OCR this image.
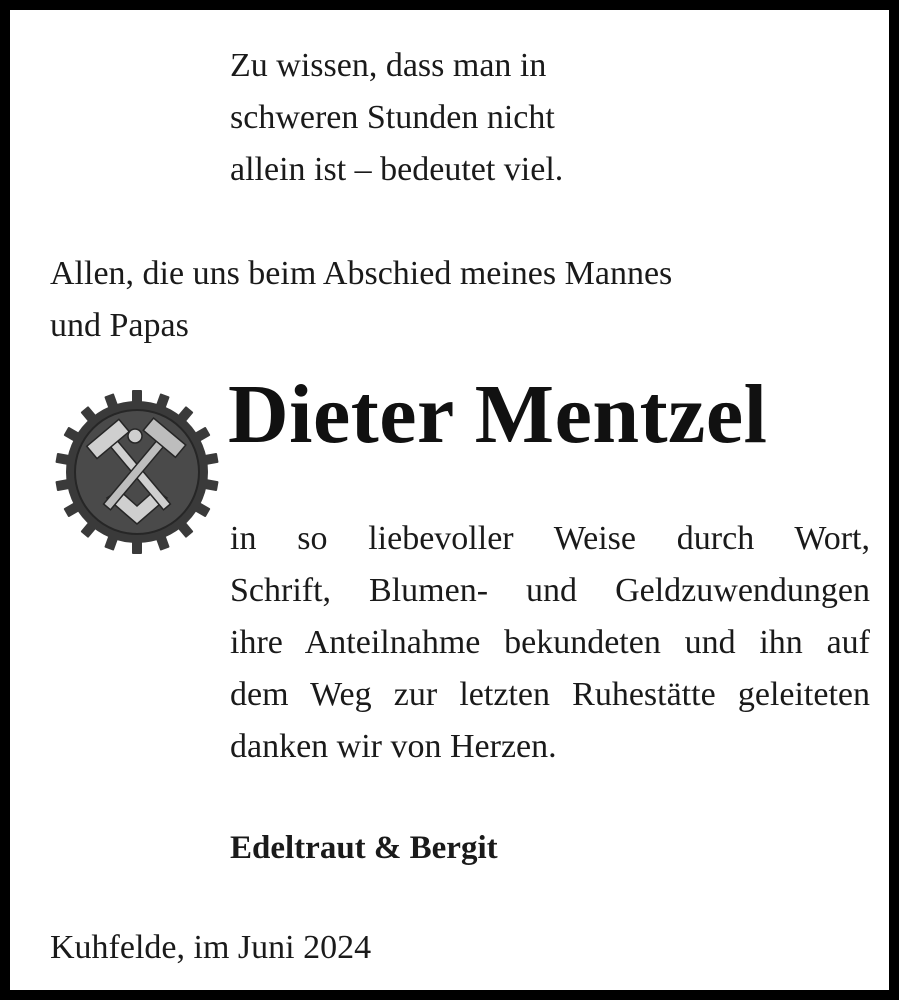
Zu wissen, dass man in
schweren Stunden nicht
allein ist – bedeutet viel.
Allen, die uns beim Abschied meines Mannes
und Papas
Dieter Mentzel
in so liebevoller Weise durch Wort,
Schrift, Blumen- und Geldzuwendungen
ihre Anteilnahme bekundeten und ihn auf
dem Weg zur letzten Ruhestätte geleiteten
danken wir von Herzen.
Edeltraut & Bergit
Kuhfelde, im Juni 2024
